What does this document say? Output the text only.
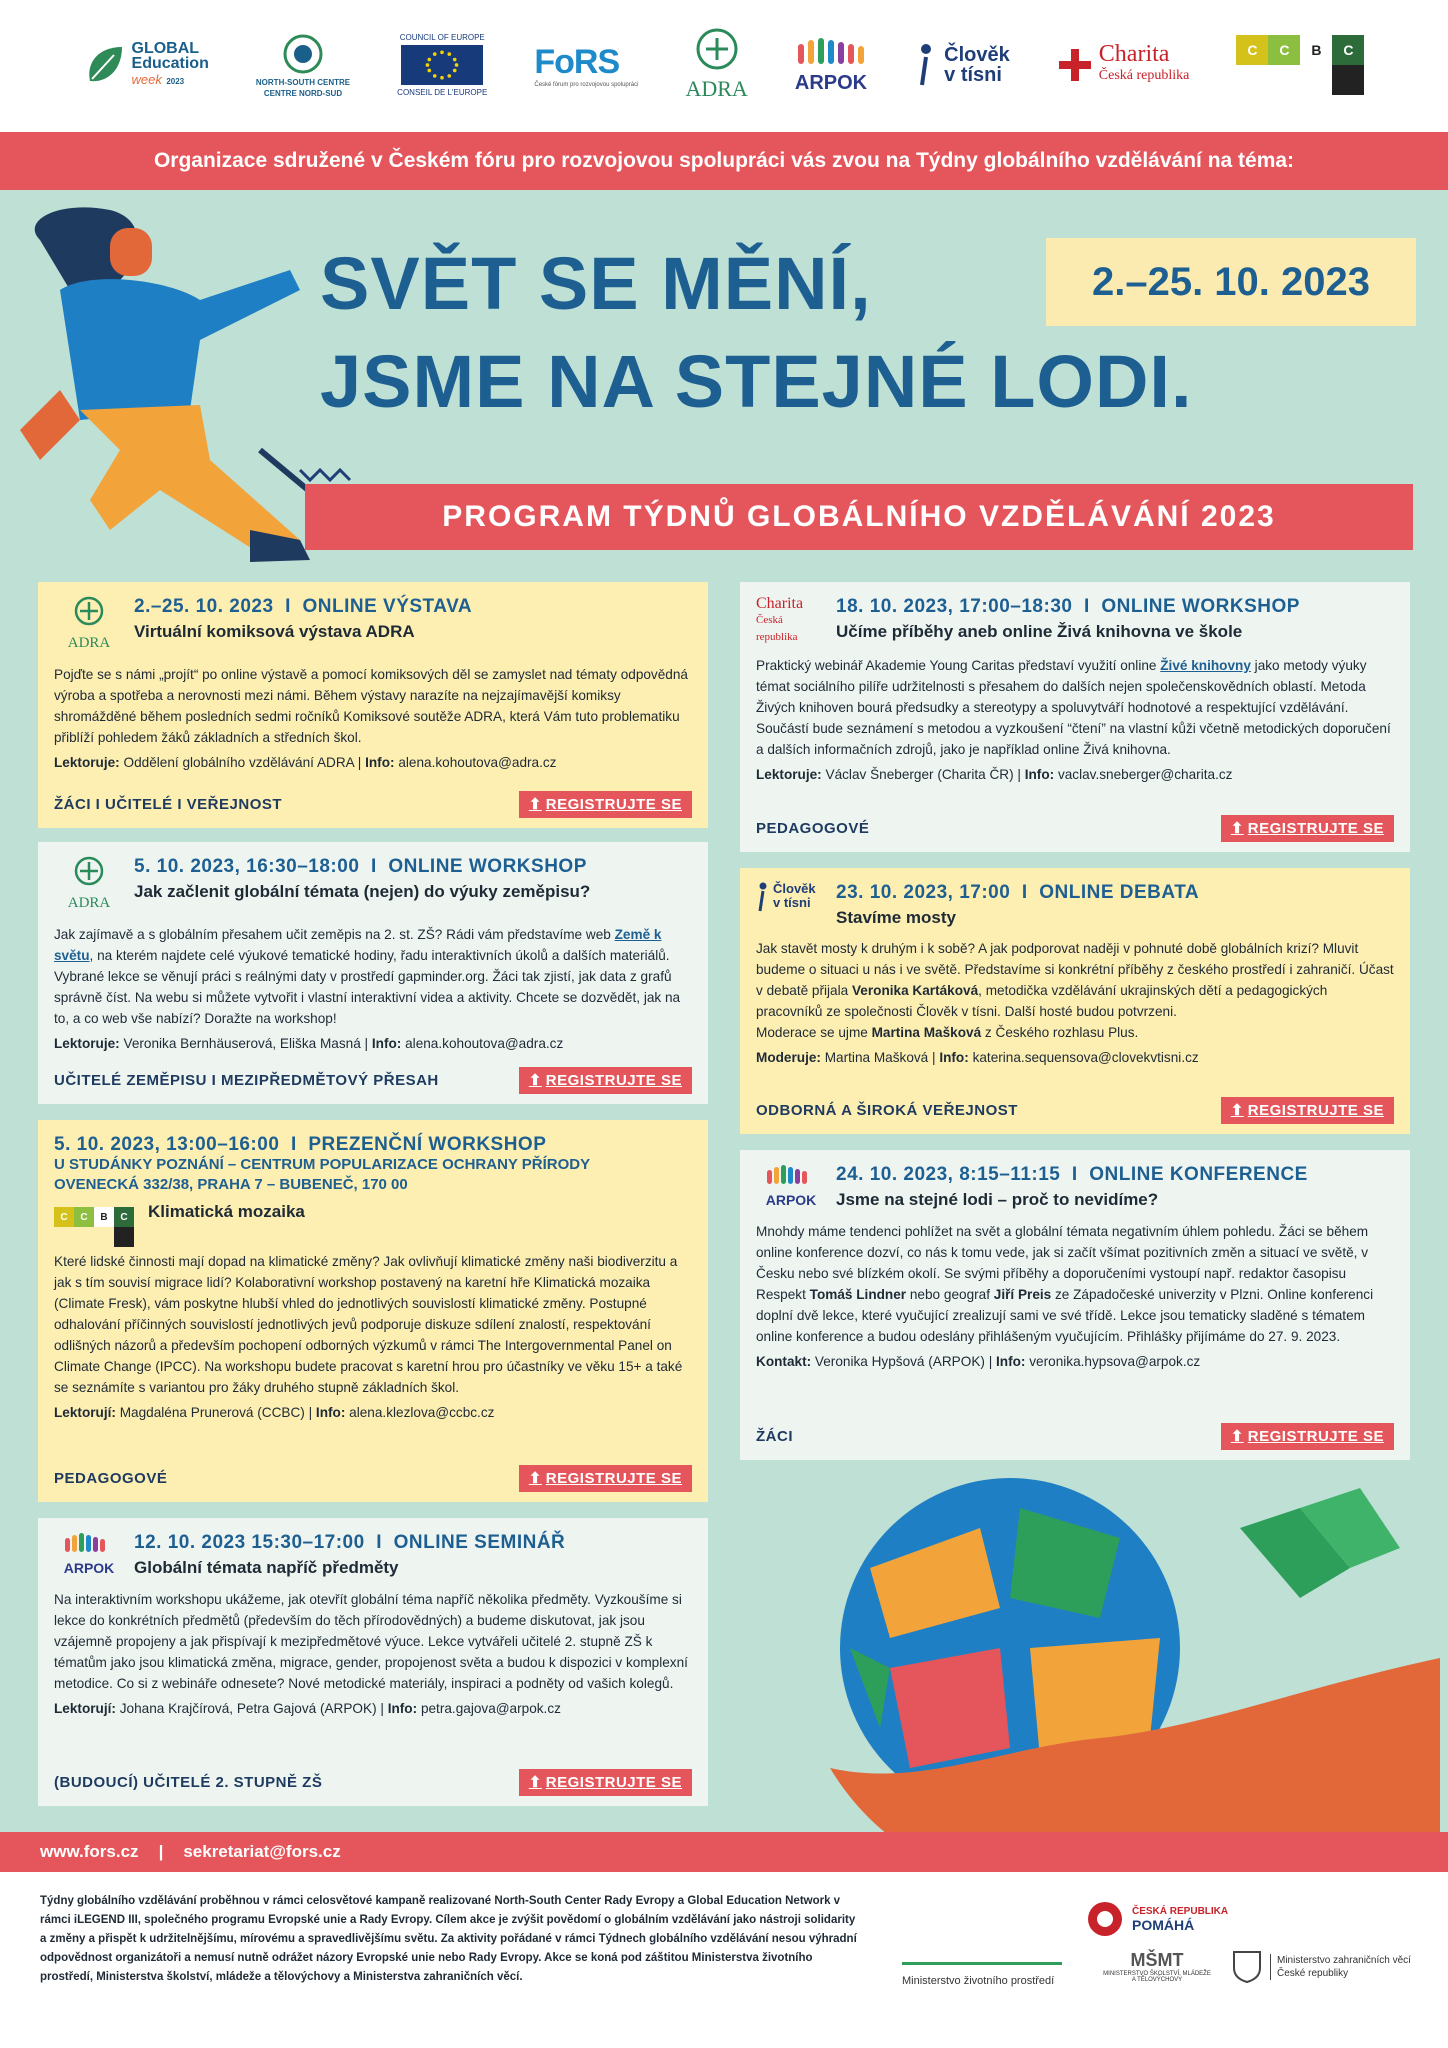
GLOBAL
Education
week 2023	NORTH-SOUTH CENTRE
CENTRE NORD-SUD
COUNCIL OF EUROPE
CONSEIL DE L'EUROPE
FoRS
České fórum pro rozvojovou spolupráci ADRA ARPOK
Člověk
v tísni
Charita
Česká republika
C	C	B	C
Organizace sdružené v Českém fóru pro rozvojovou spolupráci vás zvou na Týdny globálního vzdělávání na téma:
SVĚT SE MĚNÍ,
JSME NA STEJNÉ LODI.
2.–25. 10. 2023
PROGRAM TÝDNŮ GLOBÁLNÍHO VZDĚLÁVÁNÍ 2023
ADRA
2.–25. 10. 2023  I  ONLINE VÝSTAVA
Virtuální komiksová výstava ADRA
Pojďte se s námi „projít“ po online výstavě a pomocí komiksových děl se zamyslet nad tématy odpovědná výroba a spotřeba a nerovnosti mezi námi. Během výstavy narazíte na nejzajímavější komiksy shromážděné během posledních sedmi ročníků Komiksové soutěže ADRA, která Vám tuto problematiku přiblíží pohledem žáků základních a středních škol.
Lektoruje: Oddělení globálního vzdělávání ADRA | Info: alena.kohoutova@adra.cz
ŽÁCI I UČITELÉ I VEŘEJNOST	⬆ REGISTRUJTE SE
ADRA
5. 10. 2023, 16:30–18:00  I  ONLINE WORKSHOP
Jak začlenit globální témata (nejen) do výuky zeměpisu?
Jak zajímavě a s globálním přesahem učit zeměpis na 2. st. ZŠ? Rádi vám představíme web Země k světu, na kterém najdete celé výukové tematické hodiny, řadu interaktivních úkolů a dalších materiálů. Vybrané lekce se věnují práci s reálnými daty v prostředí gapminder.org. Žáci tak zjistí, jak data z grafů správně číst. Na webu si můžete vytvořit i vlastní interaktivní videa a aktivity. Chcete se dozvědět, jak na to, a co web vše nabízí? Doražte na workshop!
Lektoruje: Veronika Bernhäuserová, Eliška Masná | Info: alena.kohoutova@adra.cz
UČITELÉ ZEMĚPISU I MEZIPŘEDMĚTOVÝ PŘESAH	⬆ REGISTRUJTE SE
5. 10. 2023, 13:00–16:00  I  PREZENČNÍ WORKSHOP
U STUDÁNKY POZNÁNÍ – CENTRUM POPULARIZACE OCHRANY PŘÍRODY
OVENECKÁ 332/38, PRAHA 7 – BUBENEČ, 170 00
C	C	B	C	Klimatická mozaika
Které lidské činnosti mají dopad na klimatické změny? Jak ovlivňují klimatické změny naši biodiverzitu a jak s tím souvisí migrace lidí? Kolaborativní workshop postavený na karetní hře Klimatická mozaika (Climate Fresk), vám poskytne hlubší vhled do jednotlivých souvislostí klimatické změny. Postupné odhalování příčinných souvislostí jednotlivých jevů podporuje diskuze sdílení znalostí, respektování odlišných názorů a především pochopení odborných výzkumů v rámci The Intergovernmental Panel on Climate Change (IPCC). Na workshopu budete pracovat s karetní hrou pro účastníky ve věku 15+ a také se seznámíte s variantou pro žáky druhého stupně základních škol.
Lektorují: Magdaléna Prunerová (CCBC) | Info: alena.klezlova@ccbc.cz
PEDAGOGOVÉ	⬆ REGISTRUJTE SE
ARPOK
12. 10. 2023 15:30–17:00  I  ONLINE SEMINÁŘ
Globální témata napříč předměty
Na interaktivním workshopu ukážeme, jak otevřít globální téma napříč několika předměty. Vyzkoušíme si lekce do konkrétních předmětů (především do těch přírodovědných) a budeme diskutovat, jak jsou vzájemně propojeny a jak přispívají k mezipředmětové výuce. Lekce vytvářeli učitelé 2. stupně ZŠ k tématům jako jsou klimatická změna, migrace, gender, propojenost světa a budou k dispozici v komplexní metodice. Co si z webináře odnesete? Nové metodické materiály, inspiraci a podněty od vašich kolegů.
Lektorují: Johana Krajčírová, Petra Gajová (ARPOK) | Info: petra.gajova@arpok.cz
(BUDOUCÍ) UČITELÉ 2. STUPNĚ ZŠ	⬆ REGISTRUJTE SE
Charita
Česká republika
18. 10. 2023, 17:00–18:30  I  ONLINE WORKSHOP
Učíme příběhy aneb online Živá knihovna ve škole
Praktický webinář Akademie Young Caritas představí využití online Živé knihovny jako metody výuky témat sociálního pilíře udržitelnosti s přesahem do dalších nejen společenskovědních oblastí. Metoda Živých knihoven bourá předsudky a stereotypy a spoluvytváří hodnotové a respektující vzdělávání. Součástí bude seznámení s metodou a vyzkoušení “čtení” na vlastní kůži včetně metodických doporučení a dalších informačních zdrojů, jako je například online Živá knihovna.
Lektoruje: Václav Šneberger (Charita ČR) | Info: vaclav.sneberger@charita.cz
PEDAGOGOVÉ	⬆ REGISTRUJTE SE
Člověk
v tísni 23. 10. 2023, 17:00  I  ONLINE DEBATA
Stavíme mosty
Jak stavět mosty k druhým i k sobě? A jak podporovat naději v pohnuté době globálních krizí? Mluvit budeme o situaci u nás i ve světě. Představíme si konkrétní příběhy z českého prostředí i zahraničí. Účast v debatě přijala Veronika Kartáková, metodička vzdělávání ukrajinských dětí a pedagogických pracovníků ze společnosti Člověk v tísni. Další hosté budou potvrzeni.
Moderace se ujme Martina Mašková z Českého rozhlasu Plus.
Moderuje: Martina Mašková | Info: katerina.sequensova@clovekvtisni.cz
ODBORNÁ A ŠIROKÁ VEŘEJNOST	⬆ REGISTRUJTE SE
ARPOK
24. 10. 2023, 8:15–11:15  I  ONLINE KONFERENCE
Jsme na stejné lodi – proč to nevidíme?
Mnohdy máme tendenci pohlížet na svět a globální témata negativním úhlem pohledu. Žáci se během online konference dozví, co nás k tomu vede, jak si začít všímat pozitivních změn a situací ve světě, v Česku nebo své blízkém okolí. Se svými příběhy a doporučeními vystoupí např. redaktor časopisu Respekt Tomáš Lindner nebo geograf Jiří Preis ze Západočeské univerzity v Plzni. Online konferenci doplní dvě lekce, které vyučující zrealizují sami ve své třídě. Lekce jsou tematicky sladěné s tématem online konference a budou odeslány přihlášeným vyučujícím. Přihlášky přijímáme do 27. 9. 2023.
Kontakt: Veronika Hypšová (ARPOK) | Info: veronika.hypsova@arpok.cz
ŽÁCI	⬆ REGISTRUJTE SE
www.fors.cz | sekretariat@fors.cz
Týdny globálního vzdělávání proběhnou v rámci celosvětové kampaně realizované North-South Center Rady Evropy a Global Education Network v rámci iLEGEND III, společného programu Evropské unie a Rady Evropy. Cílem akce je zvýšit povědomí o globálním vzdělávání jako nástroji solidarity a změny a přispět k udržitelnějšímu, mírovému a spravedlivějšímu světu. Za aktivity pořádané v rámci Týdnech globálního vzdělávání nesou výhradní odpovědnost organizátoři a nemusí nutně odrážet názory Evropské unie nebo Rady Evropy. Akce se koná pod záštitou Ministerstva životního prostředí, Ministerstva školství, mládeže a tělovýchovy a Ministerstva zahraničních věcí.
ČESKÁ REPUBLIKA
POMÁHÁ
Ministerstvo životního prostředí
MŠMT
MINISTERSTVO ŠKOLSTVÍ, MLÁDEŽE A TĚLOVÝCHOVY
Ministerstvo zahraničních věcí
České republiky
